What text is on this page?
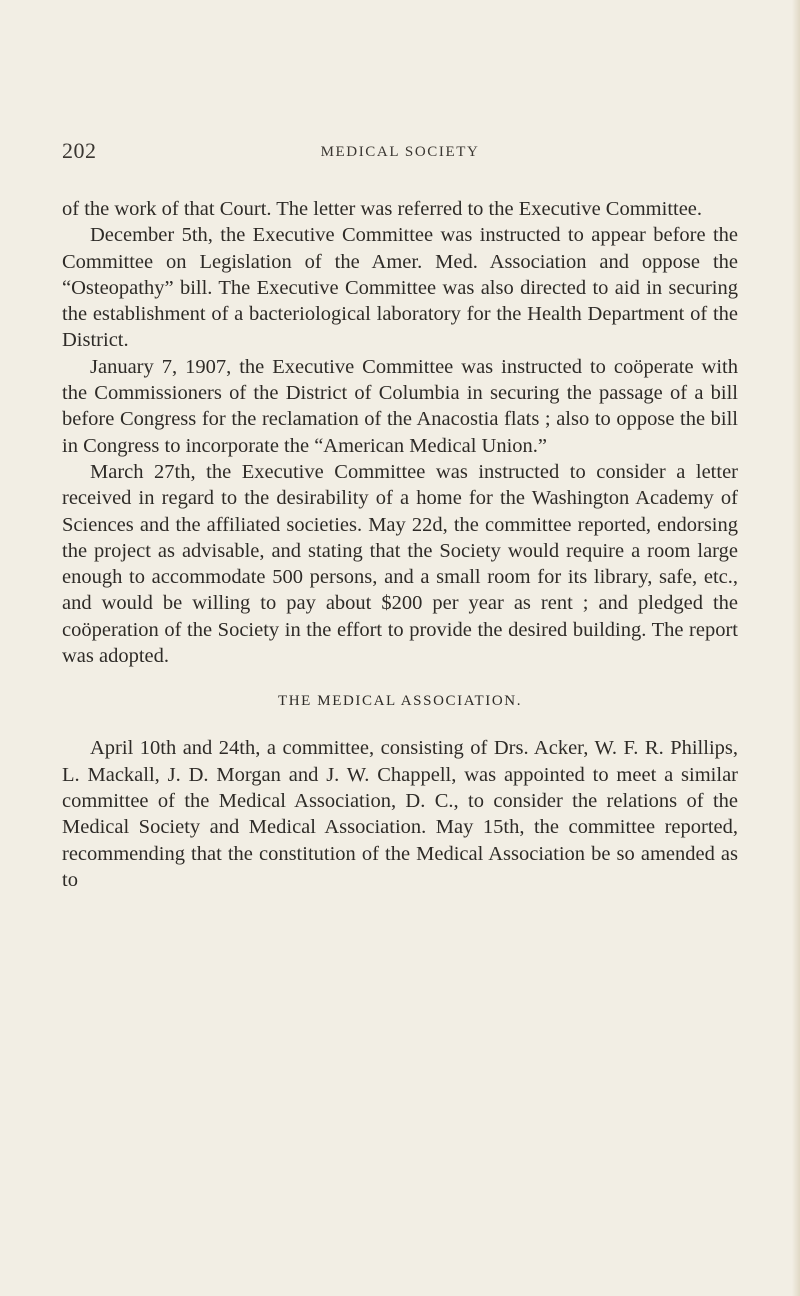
202	MEDICAL SOCIETY

of the work of that Court. The letter was referred to the Executive Committee.

December 5th, the Executive Committee was instructed to appear before the Committee on Legislation of the Amer. Med. Association and oppose the “Osteopathy” bill. The Executive Committee was also directed to aid in securing the establishment of a bacteriological laboratory for the Health Department of the District.

January 7, 1907, the Executive Committee was instructed to coöperate with the Commissioners of the District of Columbia in securing the passage of a bill before Congress for the reclamation of the Anacostia flats ; also to oppose the bill in Congress to incorporate the “American Medical Union.”

March 27th, the Executive Committee was instructed to consider a letter received in regard to the desirability of a home for the Washington Academy of Sciences and the affiliated societies. May 22d, the committee reported, endorsing the project as advisable, and stating that the Society would require a room large enough to accommodate 500 persons, and a small room for its library, safe, etc., and would be willing to pay about $200 per year as rent ; and pledged the coöperation of the Society in the effort to provide the desired building. The report was adopted.

THE MEDICAL ASSOCIATION.

April 10th and 24th, a committee, consisting of Drs. Acker, W. F. R. Phillips, L. Mackall, J. D. Morgan and J. W. Chappell, was appointed to meet a similar committee of the Medical Association, D. C., to consider the relations of the Medical Society and Medical Association. May 15th, the committee reported, recommending that the constitution of the Medical Association be so amended as to
